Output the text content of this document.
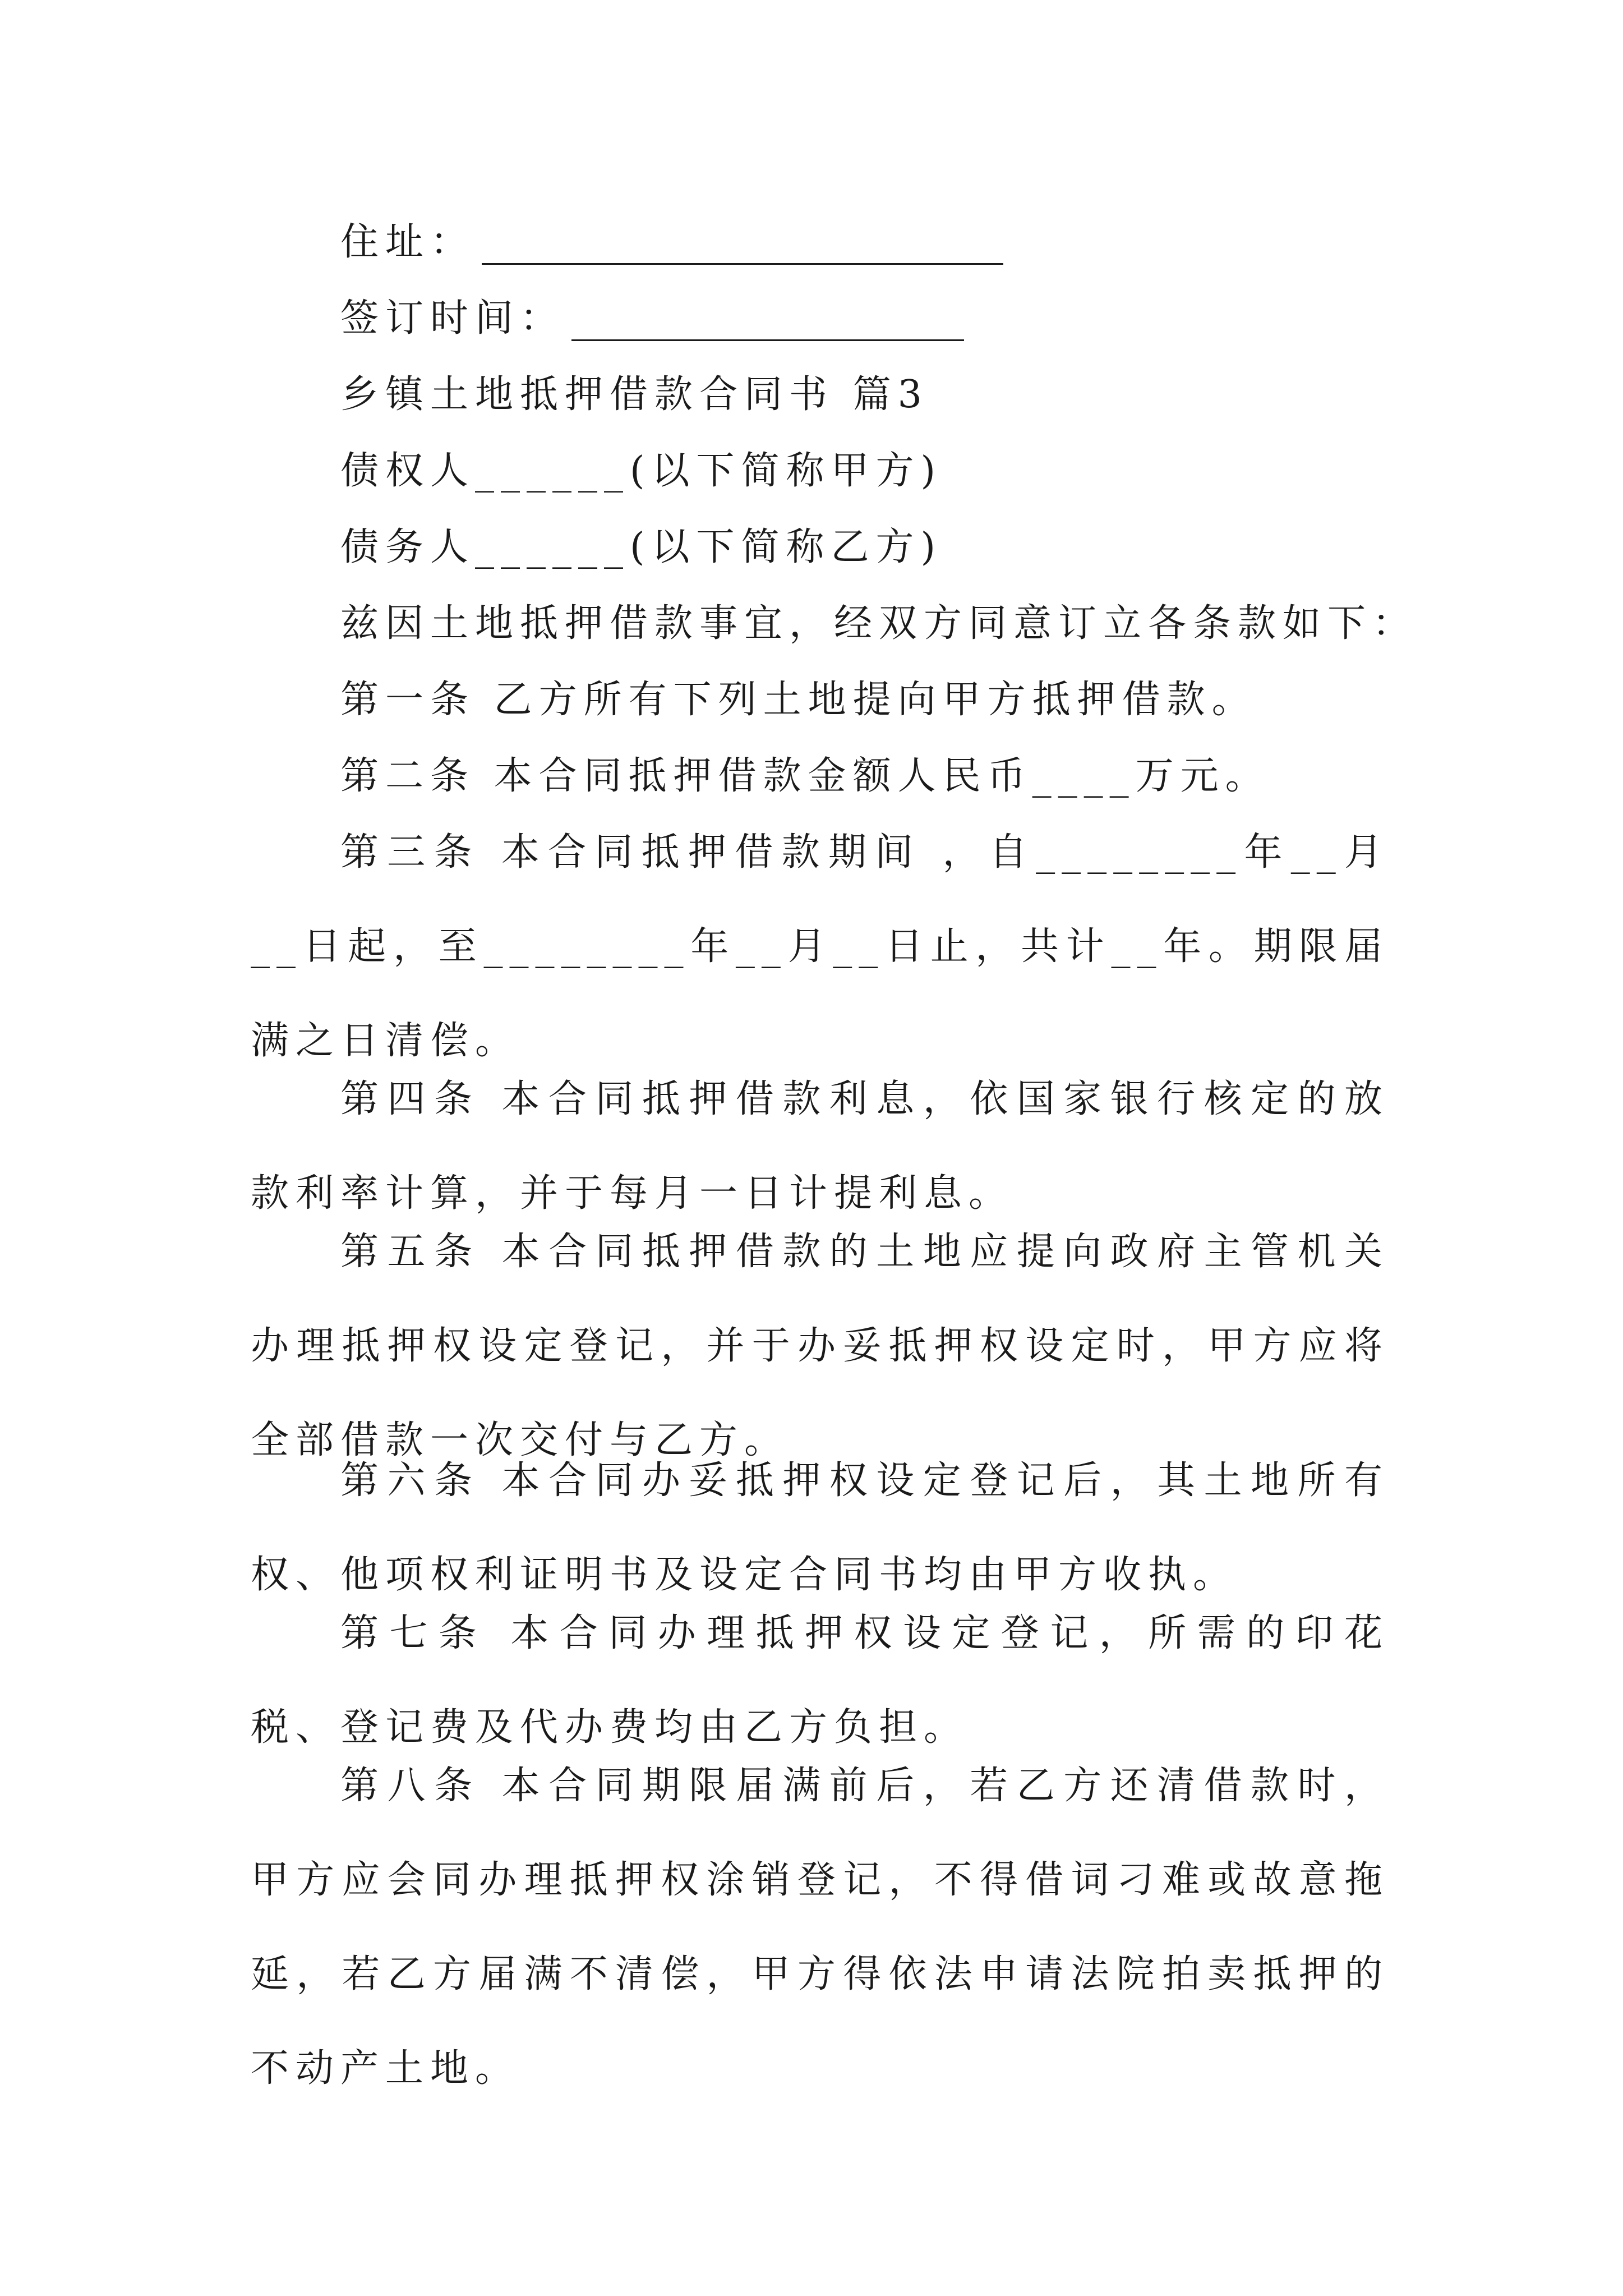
住址：
签订时间：
乡镇土地抵押借款合同书 篇3
债权人______(以下简称甲方)
债务人______(以下简称乙方)
兹因土地抵押借款事宜，经双方同意订立各条款如下：
第一条 乙方所有下列土地提向甲方抵押借款。
第二条 本合同抵押借款金额人民币____万元。

第三条 本合同抵押借款期间 ，自________年__月__日起，至________年__月__日止，共计__年。期限届满之日清偿。

第四条 本合同抵押借款利息，依国家银行核定的放款利率计算，并于每月一日计提利息。

第五条 本合同抵押借款的土地应提向政府主管机关办理抵押权设定登记，并于办妥抵押权设定时，甲方应将全部借款一次交付与乙方。

第六条 本合同办妥抵押权设定登记后，其土地所有权、他项权利证明书及设定合同书均由甲方收执。

第七条 本合同办理抵押权设定登记，所需的印花税、登记费及代办费均由乙方负担。

第八条 本合同期限届满前后，若乙方还清借款时，甲方应会同办理抵押权涂销登记，不得借词刁难或故意拖延，若乙方届满不清偿，甲方得依法申请法院拍卖抵押的不动产土地。
